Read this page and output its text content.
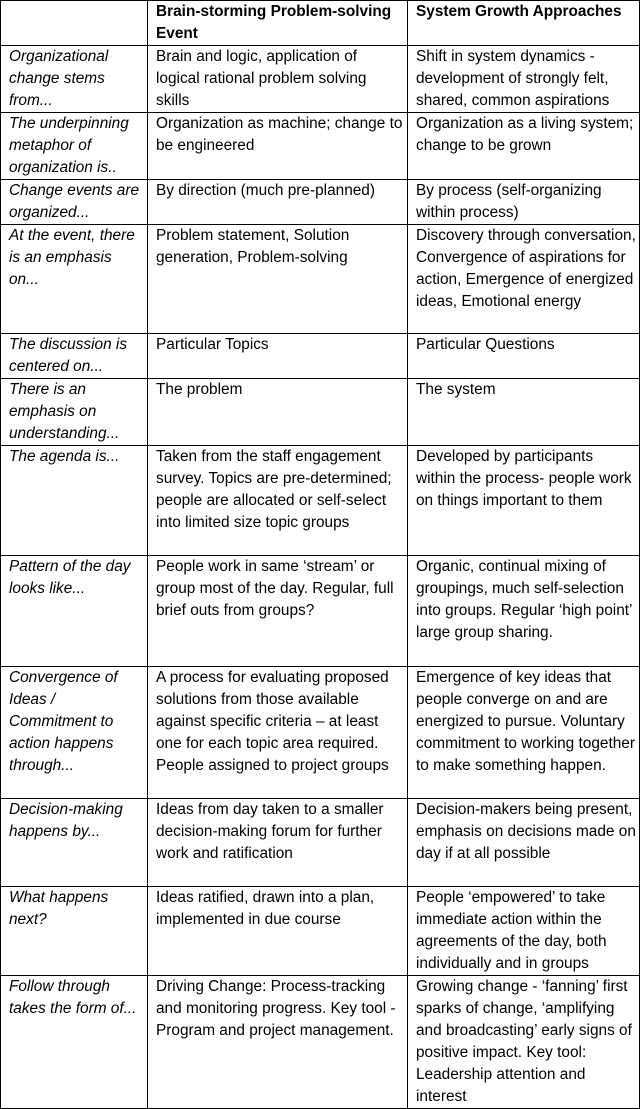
	Brain-storming Problem-solving Event	System Growth Approaches
Organizational change stems from...	Brain and logic, application of logical rational problem solving skills	Shift in system dynamics - development of strongly felt, shared, common aspirations
The underpinning metaphor of organization is..	Organization as machine; change to be engineered	Organization as a living system; change to be grown
Change events are organized...	By direction (much pre-planned)	By process (self-organizing within process)
At the event, there is an emphasis on...	Problem statement, Solution generation, Problem-solving	Discovery through conversation, Convergence of aspirations for action, Emergence of energized ideas, Emotional energy
The discussion is centered on...	Particular Topics	Particular Questions
There is an emphasis on understanding...	The problem	The system
The agenda is...	Taken from the staff engagement survey. Topics are pre-determined; people are allocated or self-select into limited size topic groups	Developed by participants within the process- people work on things important to them
Pattern of the day looks like...	People work in same ‘stream’ or group most of the day. Regular, full brief outs from groups?	Organic, continual mixing of groupings, much self-selection into groups. Regular ‘high point’ large group sharing.
Convergence of Ideas / Commitment to action happens through...	A process for evaluating proposed solutions from those available against specific criteria – at least one for each topic area required. People assigned to project groups	Emergence of key ideas that people converge on and are energized to pursue. Voluntary commitment to working together to make something happen.
Decision-making happens by...	Ideas from day taken to a smaller decision-making forum for further work and ratification	Decision-makers being present, emphasis on decisions made on day if at all possible
What happens next?	Ideas ratified, drawn into a plan, implemented in due course	People ‘empowered’ to take immediate action within the agreements of the day, both individually and in groups
Follow through takes the form of...	Driving Change: Process-tracking and monitoring progress. Key tool - Program and project management.	Growing change - ‘fanning’ first sparks of change, ‘amplifying and broadcasting’ early signs of positive impact. Key tool: Leadership attention and interest
